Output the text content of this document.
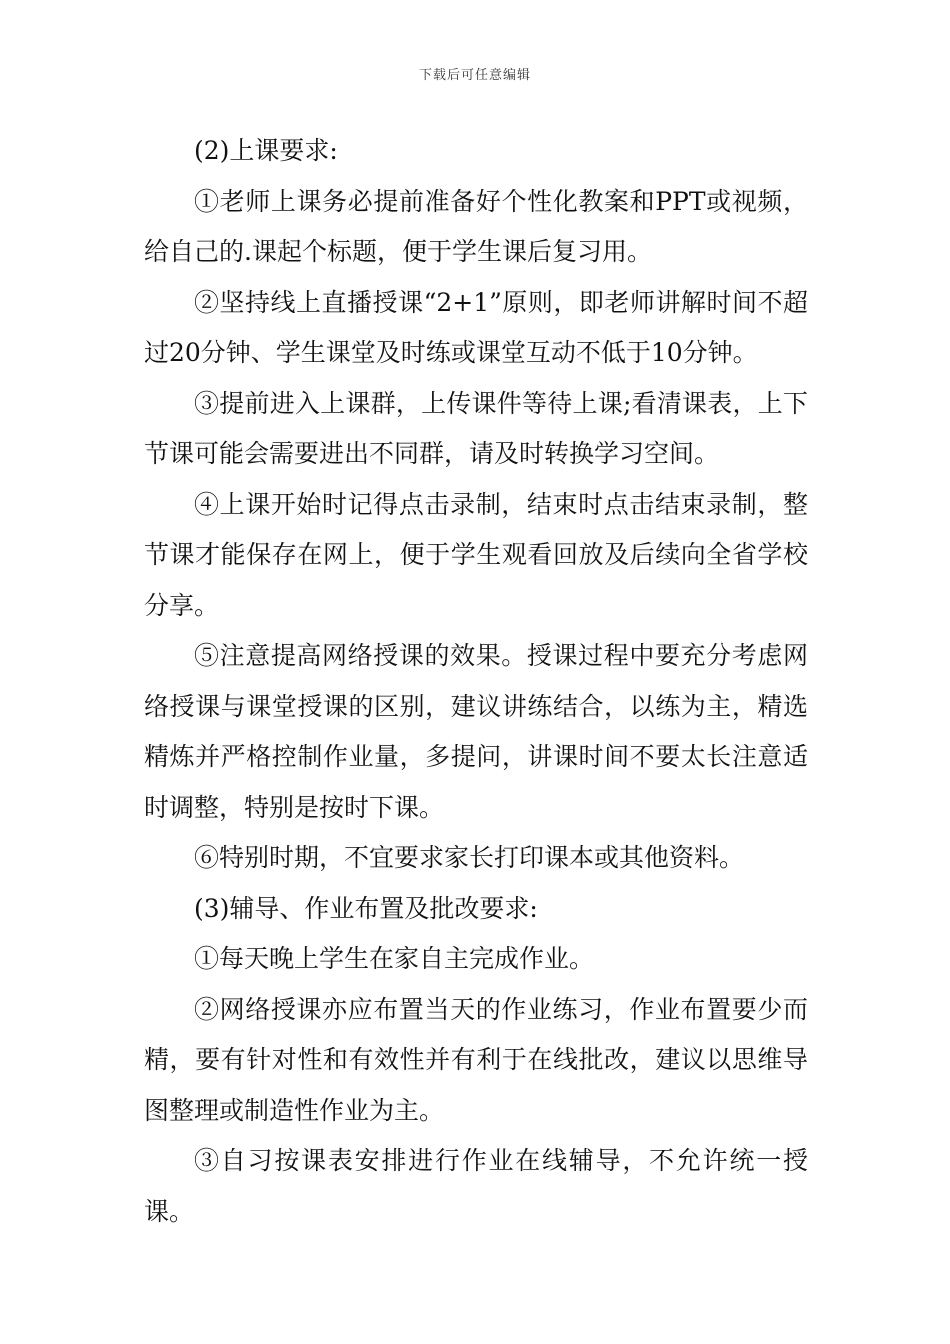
下载后可任意编辑

(2)上课要求:

①老师上课务必提前准备好个性化教案和PPT或视频，给自己的.课起个标题，便于学生课后复习用。

②坚持线上直播授课“2+1”原则，即老师讲解时间不超过20分钟、学生课堂及时练或课堂互动不低于10分钟。

③提前进入上课群，上传课件等待上课;看清课表，上下节课可能会需要进出不同群，请及时转换学习空间。

④上课开始时记得点击录制，结束时点击结束录制，整节课才能保存在网上，便于学生观看回放及后续向全省学校分享。

⑤注意提高网络授课的效果。授课过程中要充分考虑网络授课与课堂授课的区别，建议讲练结合，以练为主，精选精炼并严格控制作业量，多提问，讲课时间不要太长注意适时调整，特别是按时下课。

⑥特别时期，不宜要求家长打印课本或其他资料。

(3)辅导、作业布置及批改要求:

①每天晚上学生在家自主完成作业。

②网络授课亦应布置当天的作业练习，作业布置要少而精，要有针对性和有效性并有利于在线批改，建议以思维导图整理或制造性作业为主。

③自习按课表安排进行作业在线辅导，不允许统一授课。
